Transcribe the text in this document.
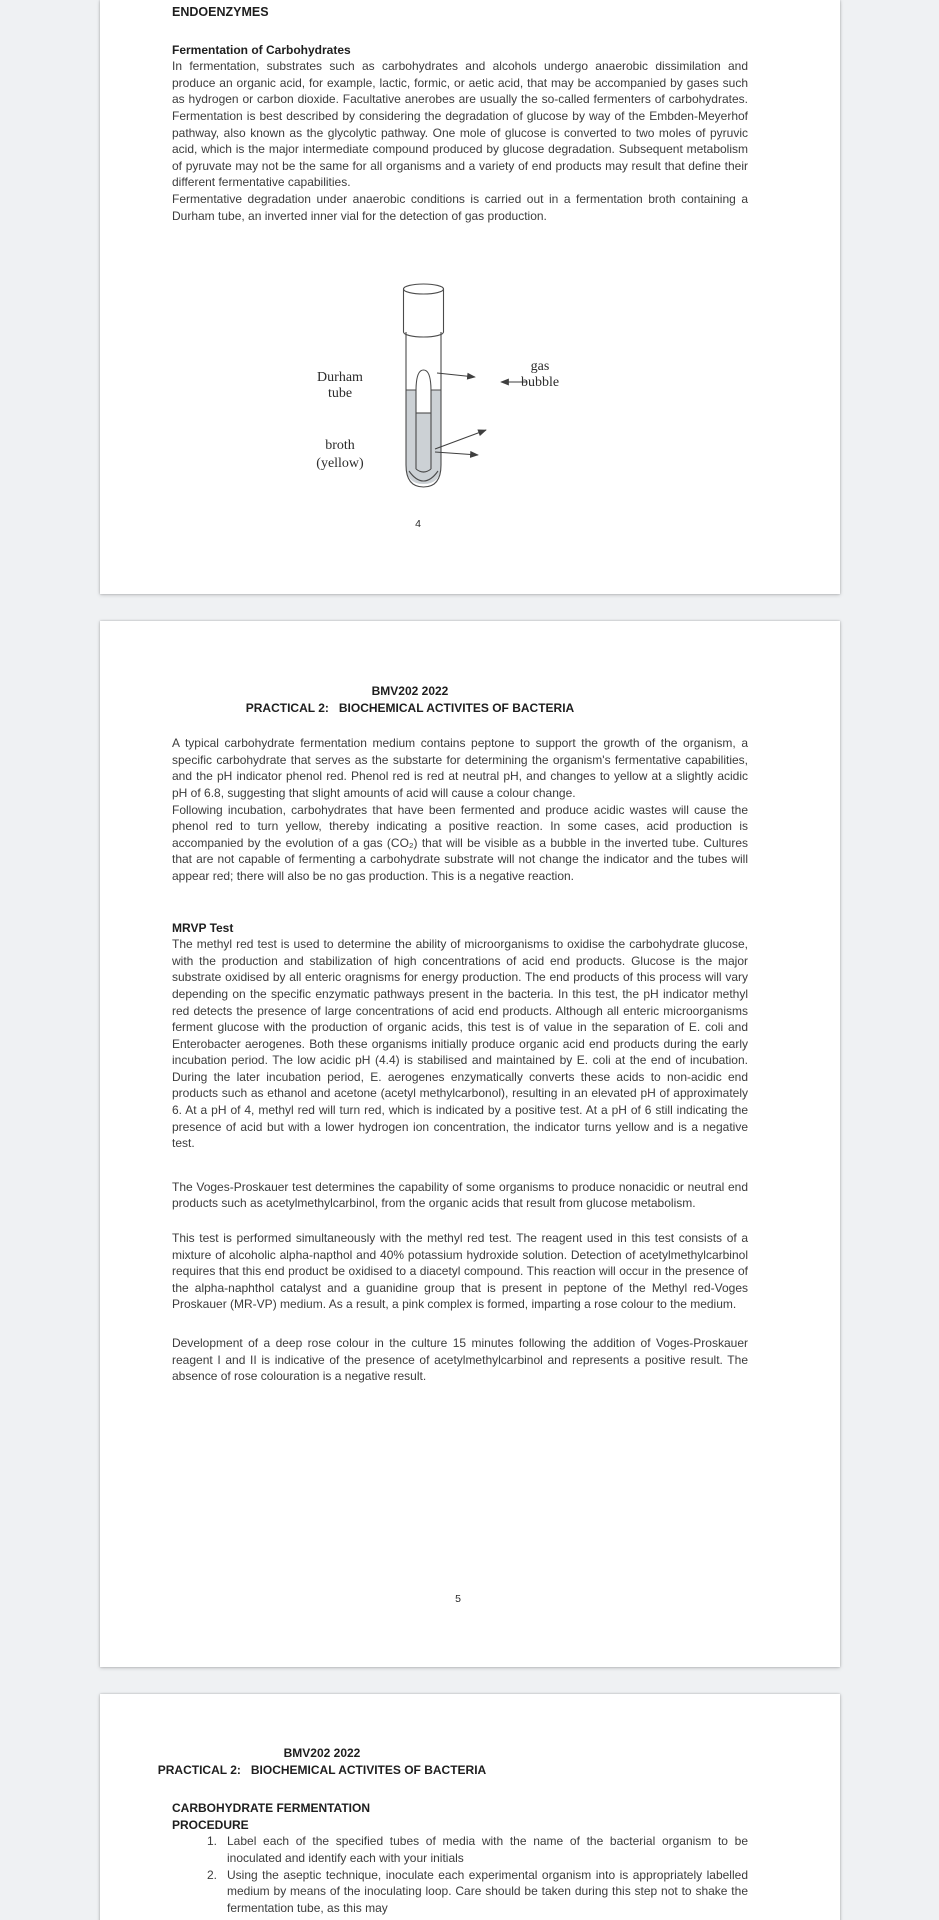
ENDOENZYMES
Fermentation of Carbohydrates

In fermentation, substrates such as carbohydrates and alcohols undergo anaerobic dissimilation and produce an organic acid, for example, lactic, formic, or aetic acid, that may be accompanied by gases such as hydrogen or carbon dioxide. Facultative anerobes are usually the so-called fermenters of carbohydrates. Fermentation is best described by considering the degradation of glucose by way of the Embden-Meyerhof pathway, also known as the glycolytic pathway. One mole of glucose is converted to two moles of pyruvic acid, which is the major intermediate compound produced by glucose degradation. Subsequent metabolism of pyruvate may not be the same for all organisms and a variety of end products may result that define their different fermentative capabilities.

Fermentative degradation under anaerobic conditions is carried out in a fermentation broth containing a Durham tube, an inverted inner vial for the detection of gas production.

Durham
tube
gas
bubble
broth
(yellow)
4
BMV202 2022
PRACTICAL 2:   BIOCHEMICAL ACTIVITES OF BACTERIA

A typical carbohydrate fermentation medium contains peptone to support the growth of the organism, a specific carbohydrate that serves as the substarte for determining the organism's fermentative capabilities, and the pH indicator phenol red. Phenol red is red at neutral pH, and changes to yellow at a slightly acidic pH of 6.8, suggesting that slight amounts of acid will cause a colour change.

Following incubation, carbohydrates that have been fermented and produce acidic wastes will cause the phenol red to turn yellow, thereby indicating a positive reaction. In some cases, acid production is accompanied by the evolution of a gas (CO₂) that will be visible as a bubble in the inverted tube. Cultures that are not capable of fermenting a carbohydrate substrate will not change the indicator and the tubes will appear red; there will also be no gas production. This is a negative reaction.

MRVP Test

The methyl red test is used to determine the ability of microorganisms to oxidise the carbohydrate glucose, with the production and stabilization of high concentrations of acid end products. Glucose is the major substrate oxidised by all enteric oragnisms for energy production. The end products of this process will vary depending on the specific enzymatic pathways present in the bacteria. In this test, the pH indicator methyl red detects the presence of large concentrations of acid end products. Although all enteric microorganisms ferment glucose with the production of organic acids, this test is of value in the separation of E. coli and Enterobacter aerogenes. Both these organisms initially produce organic acid end products during the early incubation period. The low acidic pH (4.4) is stabilised and maintained by E. coli at the end of incubation. During the later incubation period, E. aerogenes enzymatically converts these acids to non-acidic end products such as ethanol and acetone (acetyl methylcarbonol), resulting in an elevated pH of approximately 6. At a pH of 4, methyl red will turn red, which is indicated by a positive test. At a pH of 6 still indicating the presence of acid but with a lower hydrogen ion concentration, the indicator turns yellow and is a negative test.

The Voges-Proskauer test determines the capability of some organisms to produce nonacidic or neutral end products such as acetylmethylcarbinol, from the organic acids that result from glucose metabolism.

This test is performed simultaneously with the methyl red test. The reagent used in this test consists of a mixture of alcoholic alpha-napthol and 40% potassium hydroxide solution. Detection of acetylmethylcarbinol requires that this end product be oxidised to a diacetyl compound. This reaction will occur in the presence of the alpha-naphthol catalyst and a guanidine group that is present in peptone of the Methyl red-Voges Proskauer (MR-VP) medium. As a result, a pink complex is formed, imparting a rose colour to the medium.

Development of a deep rose colour in the culture 15 minutes following the addition of Voges-Proskauer reagent I and II is indicative of the presence of acetylmethylcarbinol and represents a positive result. The absence of rose colouration is a negative result.

5
BMV202 2022
PRACTICAL 2:   BIOCHEMICAL ACTIVITES OF BACTERIA
CARBOHYDRATE FERMENTATION
PROCEDURE
1. Label each of the specified tubes of media with the name of the bacterial organism to be inoculated and identify each with your initials
2. Using the aseptic technique, inoculate each experimental organism into is appropriately labelled medium by means of the inoculating loop. Care should be taken during this step not to shake the fermentation tube, as this may
